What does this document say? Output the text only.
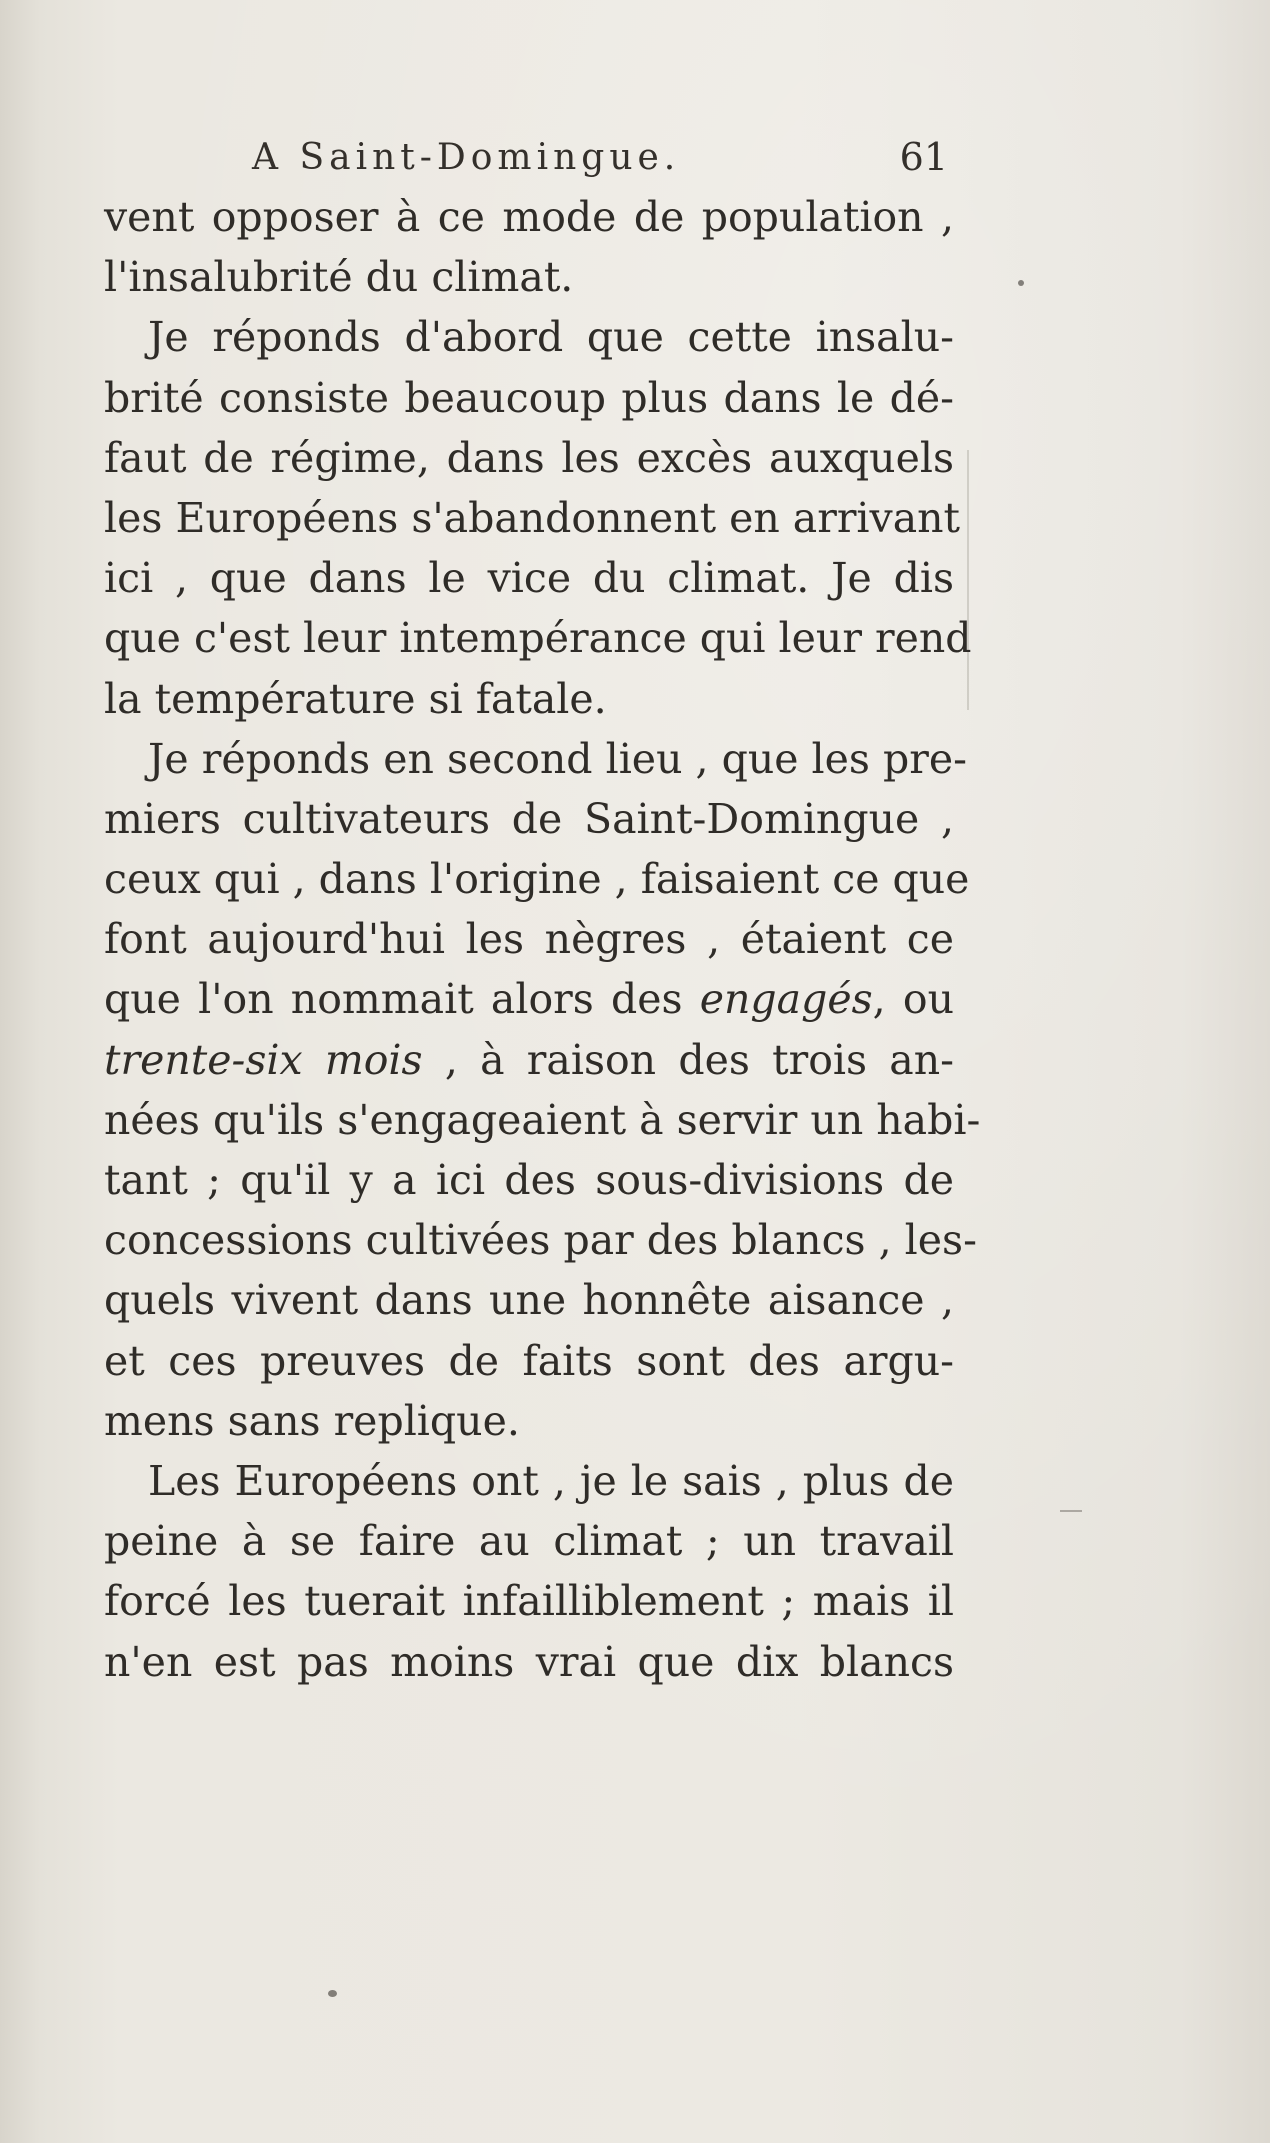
A Saint-Domingue.	61
vent opposer à ce mode de population ,
l'insalubrité du climat.
Je réponds d'abord que cette insalu-
brité consiste beaucoup plus dans le dé-
faut de régime, dans les excès auxquels
les Européens s'abandonnent en arrivant
ici , que dans le vice du climat. Je dis
que c'est leur intempérance qui leur rend
la température si fatale.
Je réponds en second lieu , que les pre-
miers cultivateurs de Saint-Domingue ,
ceux qui , dans l'origine , faisaient ce que
font aujourd'hui les nègres , étaient ce
que l'on nommait alors des engagés, ou
trente-six mois , à raison des trois an-
nées qu'ils s'engageaient à servir un habi-
tant ; qu'il y a ici des sous-divisions de
concessions cultivées par des blancs , les-
quels vivent dans une honnête aisance ,
et ces preuves de faits sont des argu-
mens sans replique.
Les Européens ont , je le sais , plus de
peine à se faire au climat ; un travail
forcé les tuerait infailliblement ; mais il
n'en est pas moins vrai que dix blancs
